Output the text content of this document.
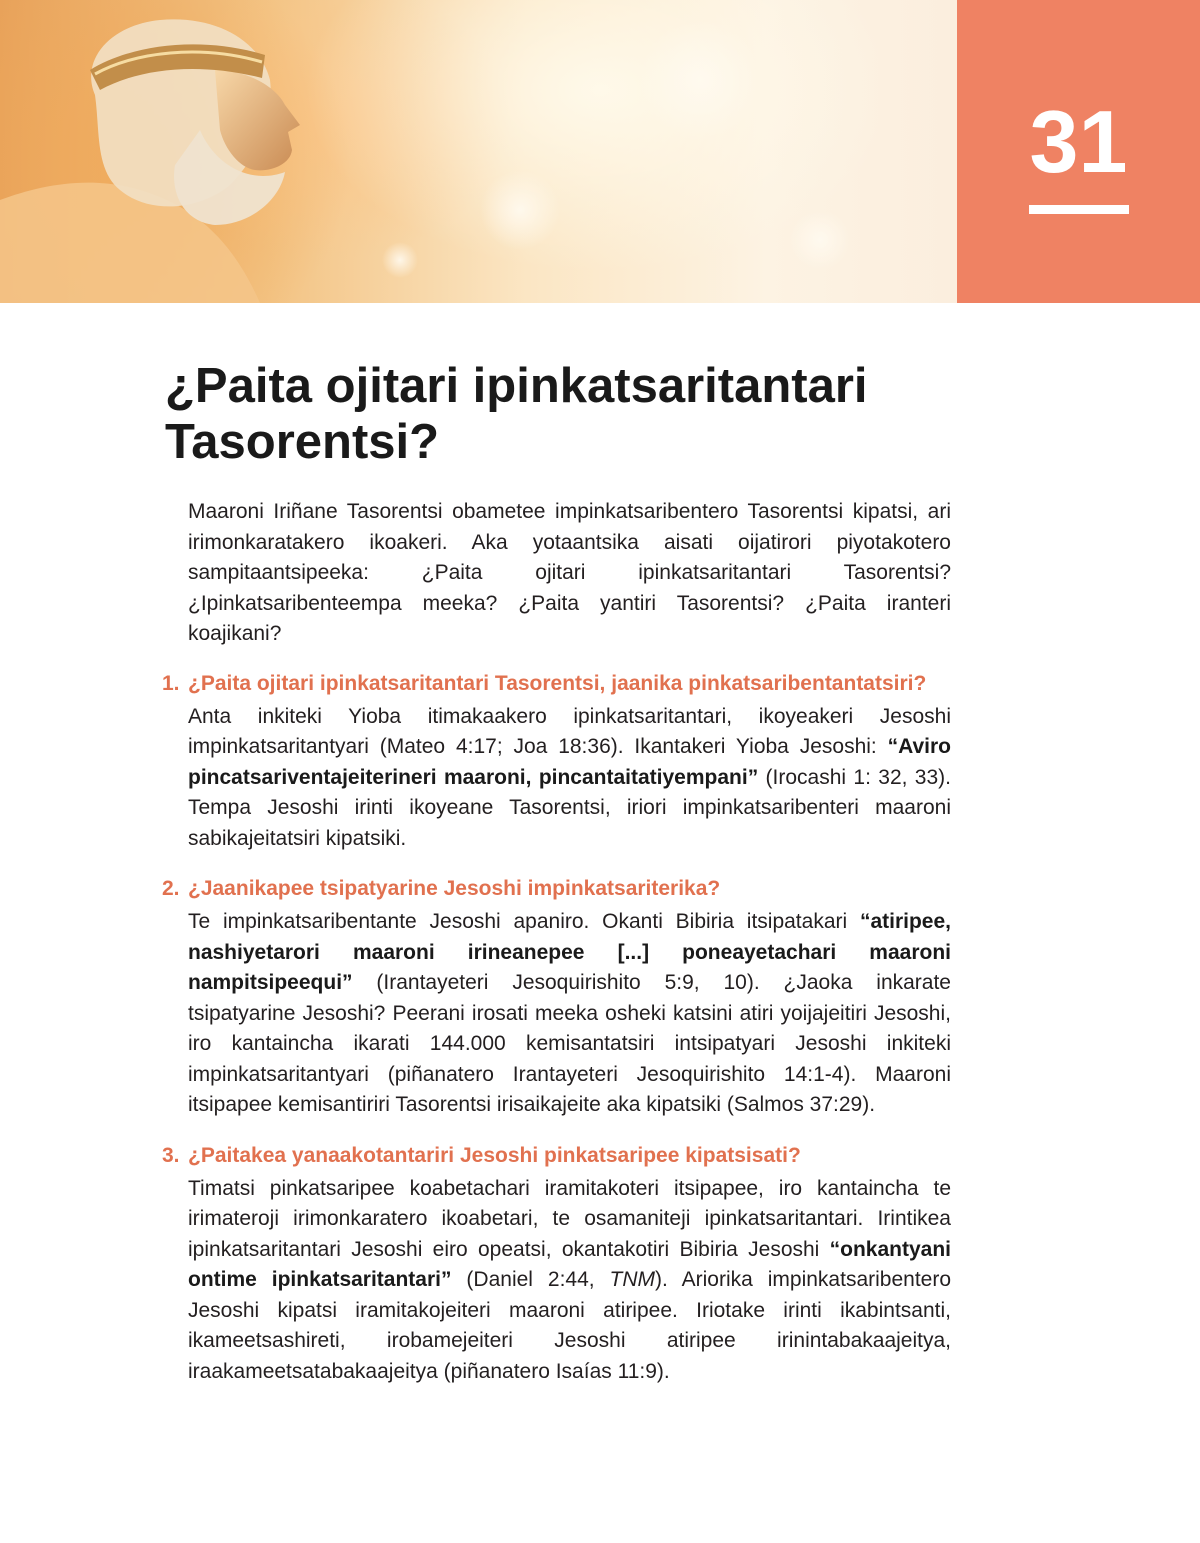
31
¿Paita ojitari ipinkatsaritantari Tasorentsi?

Maaroni Iriñane Tasorentsi obametee impinkatsaribentero Tasorentsi kipatsi, ari irimonkaratakero ikoakeri. Aka yotaantsika aisati oijatirori piyotakotero sampitaantsipeeka: ¿Paita ojitari ipinkatsaritantari Tasorentsi? ¿Ipinkatsaribenteempa meeka? ¿Paita yantiri Tasorentsi? ¿Paita iranteri koajikani?

1. ¿Paita ojitari ipinkatsaritantari Tasorentsi, jaanika pinkatsaribentantatsiri?

Anta inkiteki Yioba itimakaakero ipinkatsaritantari, ikoyeakeri Jesoshi impinkatsaritantyari (Mateo 4:17; Joa 18:36). Ikantakeri Yioba Jesoshi: “Aviro pincatsariventajeiterineri maaroni, pincantaitatiyempani” (Irocashi 1: 32, 33). Tempa Jesoshi irinti ikoyeane Tasorentsi, iriori impinkatsaribenteri maaroni sabikajeitatsiri kipatsiki.

2. ¿Jaanikapee tsipatyarine Jesoshi impinkatsariterika?

Te impinkatsaribentante Jesoshi apaniro. Okanti Bibiria itsipatakari “atiripee, nashiyetarori maaroni irineanepee [...] poneayetachari maaroni nampitsipeequi” (Irantayeteri Jesoquirishito 5:9, 10). ¿Jaoka inkarate tsipatyarine Jesoshi? Peerani irosati meeka osheki katsini atiri yoijajeitiri Jesoshi, iro kantaincha ikarati 144.000 kemisantatsiri intsipatyari Jesoshi inkiteki impinkatsaritantyari (piñanatero Irantayeteri Jesoquirishito 14:1-4). Maaroni itsipapee kemisantiriri Tasorentsi irisaikajeite aka kipatsiki (Salmos 37:29).

3. ¿Paitakea yanaakotantariri Jesoshi pinkatsaripee kipatsisati?

Timatsi pinkatsaripee koabetachari iramitakoteri itsipapee, iro kantaincha te irimateroji irimonkaratero ikoabetari, te osamaniteji ipinkatsaritantari. Irintikea ipinkatsaritantari Jesoshi eiro opeatsi, okantakotiri Bibiria Jesoshi “onkantyani ontime ipinkatsaritantari” (Daniel 2:44, TNM). Ariorika impinkatsaribentero Jesoshi kipatsi iramitakojeiteri maaroni atiripee. Iriotake irinti ikabintsanti, ikameetsashireti, irobamejeiteri Jesoshi atiripee irinintabakaajeitya, iraakameetsatabakaajeitya (piñanatero Isaías 11:9).
